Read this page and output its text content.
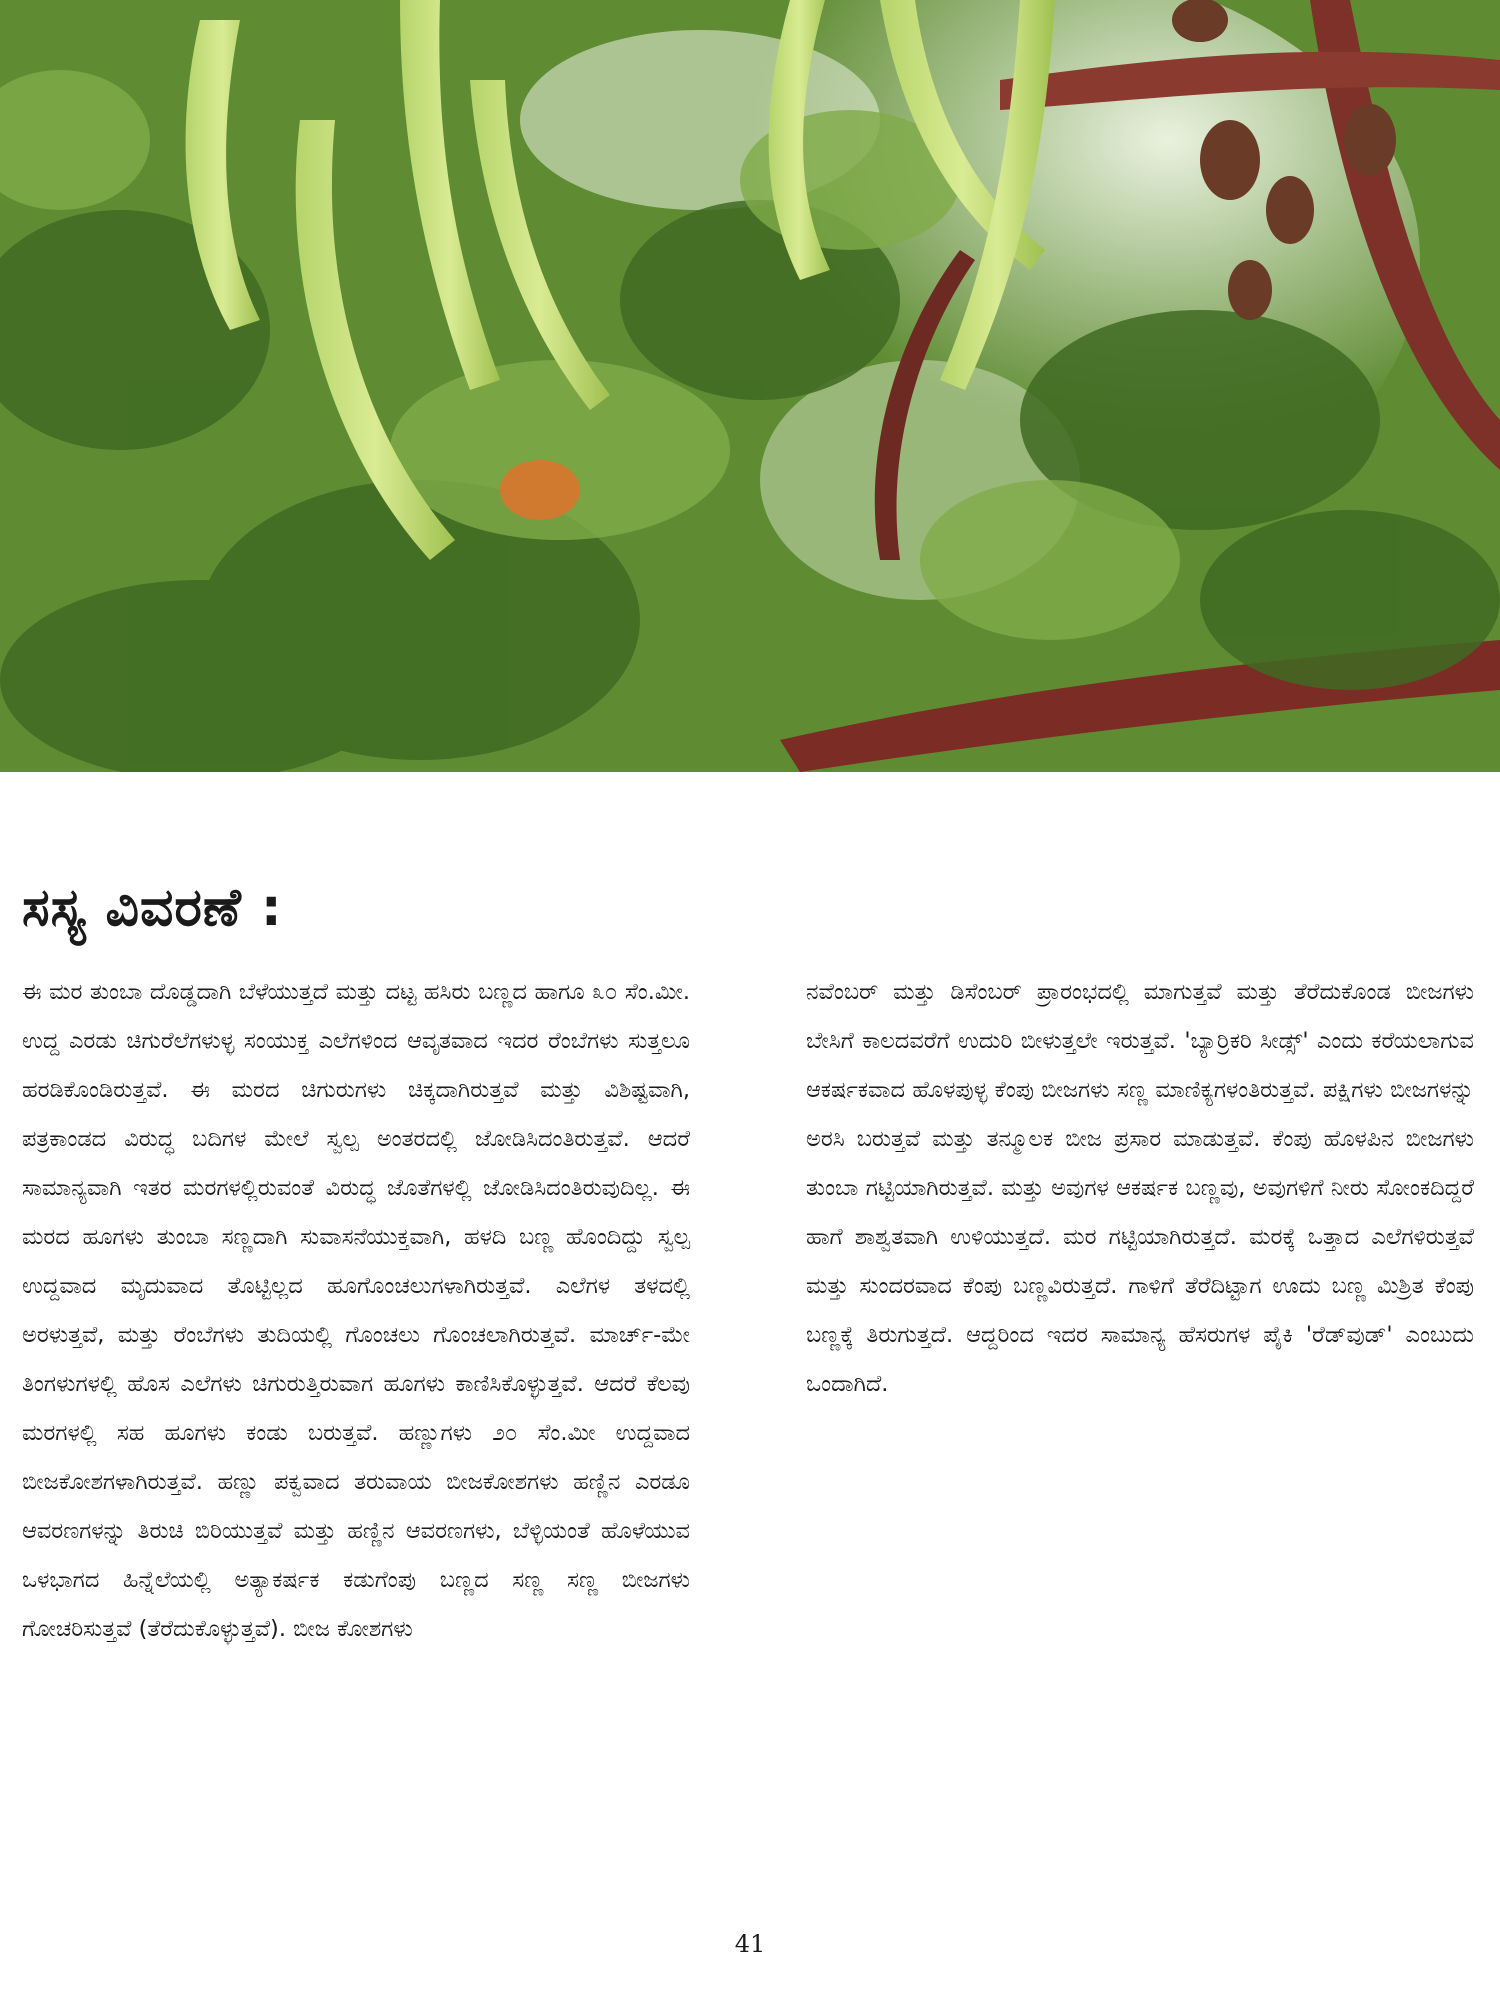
ಸಸ್ಯ ವಿವರಣೆ :

ಈ ಮರ ತುಂಬಾ ದೊಡ್ಡದಾಗಿ ಬೆಳೆಯುತ್ತದೆ ಮತ್ತು ದಟ್ಟ ಹಸಿರು ಬಣ್ಣದ ಹಾಗೂ ೩೦ ಸೆಂ.ಮೀ. ಉದ್ದ ಎರಡು ಚಿಗುರೆಲೆಗಳುಳ್ಳ ಸಂಯುಕ್ತ ಎಲೆಗಳಿಂದ ಆವೃತವಾದ ಇದರ ರೆಂಬೆಗಳು ಸುತ್ತಲೂ ಹರಡಿಕೊಂಡಿರುತ್ತವೆ. ಈ ಮರದ ಚಿಗುರುಗಳು ಚಿಕ್ಕದಾಗಿರುತ್ತವೆ ಮತ್ತು ವಿಶಿಷ್ಟವಾಗಿ, ಪತ್ರಕಾಂಡದ ವಿರುದ್ಧ ಬದಿಗಳ ಮೇಲೆ ಸ್ವಲ್ಪ ಅಂತರದಲ್ಲಿ ಜೋಡಿಸಿದಂತಿರುತ್ತವೆ. ಆದರೆ ಸಾಮಾನ್ಯವಾಗಿ ಇತರ ಮರಗಳಲ್ಲಿರುವಂತೆ ವಿರುದ್ಧ ಜೊತೆಗಳಲ್ಲಿ ಜೋಡಿಸಿದಂತಿರುವುದಿಲ್ಲ. ಈ ಮರದ ಹೂಗಳು ತುಂಬಾ ಸಣ್ಣದಾಗಿ ಸುವಾಸನೆಯುಕ್ತವಾಗಿ, ಹಳದಿ ಬಣ್ಣ ಹೊಂದಿದ್ದು ಸ್ವಲ್ಪ ಉದ್ದವಾದ ಮೃದುವಾದ ತೊಟ್ಟಿಲ್ಲದ ಹೂಗೊಂಚಲುಗಳಾಗಿರುತ್ತವೆ. ಎಲೆಗಳ ತಳದಲ್ಲಿ ಅರಳುತ್ತವೆ, ಮತ್ತು ರೆಂಬೆಗಳು ತುದಿಯಲ್ಲಿ ಗೊಂಚಲು ಗೊಂಚಲಾಗಿರುತ್ತವೆ. ಮಾರ್ಚ್-ಮೇ ತಿಂಗಳುಗಳಲ್ಲಿ ಹೊಸ ಎಲೆಗಳು ಚಿಗುರುತ್ತಿರುವಾಗ ಹೂಗಳು ಕಾಣಿಸಿಕೊಳ್ಳುತ್ತವೆ. ಆದರೆ ಕೆಲವು ಮರಗಳಲ್ಲಿ ಸಹ ಹೂಗಳು ಕಂಡು ಬರುತ್ತವೆ. ಹಣ್ಣುಗಳು ೨೦ ಸೆಂ.ಮೀ ಉದ್ದವಾದ ಬೀಜಕೋಶಗಳಾಗಿರುತ್ತವೆ. ಹಣ್ಣು ಪಕ್ವವಾದ ತರುವಾಯ ಬೀಜಕೋಶಗಳು ಹಣ್ಣಿನ ಎರಡೂ ಆವರಣಗಳನ್ನು ತಿರುಚಿ ಬಿರಿಯುತ್ತವೆ ಮತ್ತು ಹಣ್ಣಿನ ಆವರಣಗಳು, ಬೆಳ್ಳಿಯಂತೆ ಹೊಳೆಯುವ ಒಳಭಾಗದ ಹಿನ್ನೆಲೆಯಲ್ಲಿ ಅತ್ಯಾಕರ್ಷಕ ಕಡುಗೆಂಪು ಬಣ್ಣದ ಸಣ್ಣ ಸಣ್ಣ ಬೀಜಗಳು ಗೋಚರಿಸುತ್ತವೆ (ತೆರೆದುಕೊಳ್ಳುತ್ತವೆ). ಬೀಜ ಕೋಶಗಳು

ನವೆಂಬರ್ ಮತ್ತು ಡಿಸೆಂಬರ್ ಪ್ರಾರಂಭದಲ್ಲಿ ಮಾಗುತ್ತವೆ ಮತ್ತು ತೆರೆದುಕೊಂಡ ಬೀಜಗಳು ಬೇಸಿಗೆ ಕಾಲದವರೆಗೆ ಉದುರಿ ಬೀಳುತ್ತಲೇ ಇರುತ್ತವೆ. 'ಬ್ಯಾರ್ರಿಕರಿ ಸೀಡ್ಸ್' ಎಂದು ಕರೆಯಲಾಗುವ ಆಕರ್ಷಕವಾದ ಹೊಳಪುಳ್ಳ ಕೆಂಪು ಬೀಜಗಳು ಸಣ್ಣ ಮಾಣಿಕ್ಯಗಳಂತಿರುತ್ತವೆ. ಪಕ್ಷಿಗಳು ಬೀಜಗಳನ್ನು ಅರಸಿ ಬರುತ್ತವೆ ಮತ್ತು ತನ್ಮೂಲಕ ಬೀಜ ಪ್ರಸಾರ ಮಾಡುತ್ತವೆ. ಕೆಂಪು ಹೊಳಪಿನ ಬೀಜಗಳು ತುಂಬಾ ಗಟ್ಟಿಯಾಗಿರುತ್ತವೆ. ಮತ್ತು ಅವುಗಳ ಆಕರ್ಷಕ ಬಣ್ಣವು, ಅವುಗಳಿಗೆ ನೀರು ಸೋಂಕದಿದ್ದರೆ ಹಾಗೆ ಶಾಶ್ವತವಾಗಿ ಉಳಿಯುತ್ತದೆ. ಮರ ಗಟ್ಟಿಯಾಗಿರುತ್ತದೆ. ಮರಕ್ಕೆ ಒತ್ತಾದ ಎಲೆಗಳಿರುತ್ತವೆ ಮತ್ತು ಸುಂದರವಾದ ಕೆಂಪು ಬಣ್ಣವಿರುತ್ತದೆ. ಗಾಳಿಗೆ ತೆರೆದಿಟ್ಟಾಗ ಊದು ಬಣ್ಣ ಮಿಶ್ರಿತ ಕೆಂಪು ಬಣ್ಣಕ್ಕೆ ತಿರುಗುತ್ತದೆ. ಆದ್ದರಿಂದ ಇದರ ಸಾಮಾನ್ಯ ಹೆಸರುಗಳ ಪೈಕಿ 'ರೆಡ್‌ವುಡ್' ಎಂಬುದು ಒಂದಾಗಿದೆ.

41
